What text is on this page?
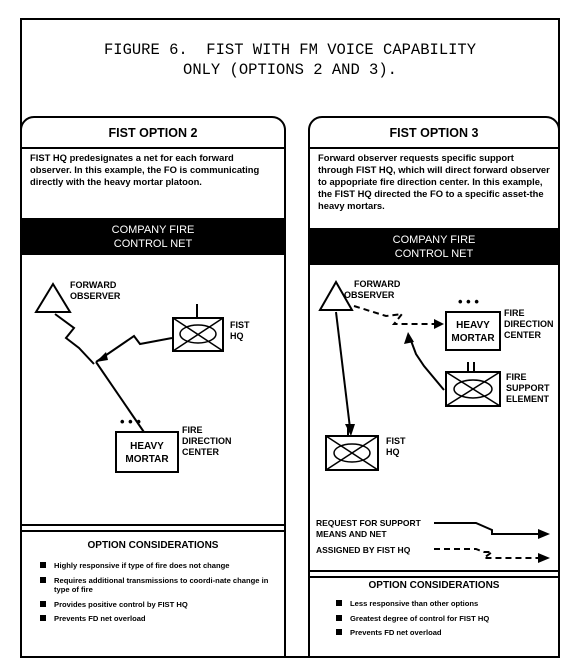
FIGURE 6.  FIST WITH FM VOICE CAPABILITY
ONLY (OPTIONS 2 AND 3).
FIST OPTION 2
FIST HQ predesignates a net for each forward observer. In this example, the FO is communicating directly with the heavy mortar platoon.
COMPANY FIRE
CONTROL NET
FORWARD
OBSERVER
FIST
HQ
• • •
HEAVY
MORTAR
FIRE
DIRECTION
CENTER
OPTION CONSIDERATIONS
Highly responsive if type of fire does not change
Requires additional transmissions to coordi-nate change in type of fire
Provides positive control by FIST HQ
Prevents FD net overload
FIST OPTION 3
Forward observer requests specific support through FIST HQ, which will direct forward observer to appopriate fire direction center. In this example, the FIST HQ directed the FO to a specific asset-the heavy mortars.
COMPANY FIRE
CONTROL NET
FORWARD
OBSERVER	• • •
HEAVY
MORTAR
FIRE
DIRECTION
CENTER
FIRE
SUPPORT
ELEMENT
FIST
HQ
REQUEST FOR SUPPORT
MEANS AND NET
ASSIGNED BY FIST HQ
OPTION CONSIDERATIONS
Less responsive than other options
Greatest degree of control for FIST HQ
Prevents FD net overload
